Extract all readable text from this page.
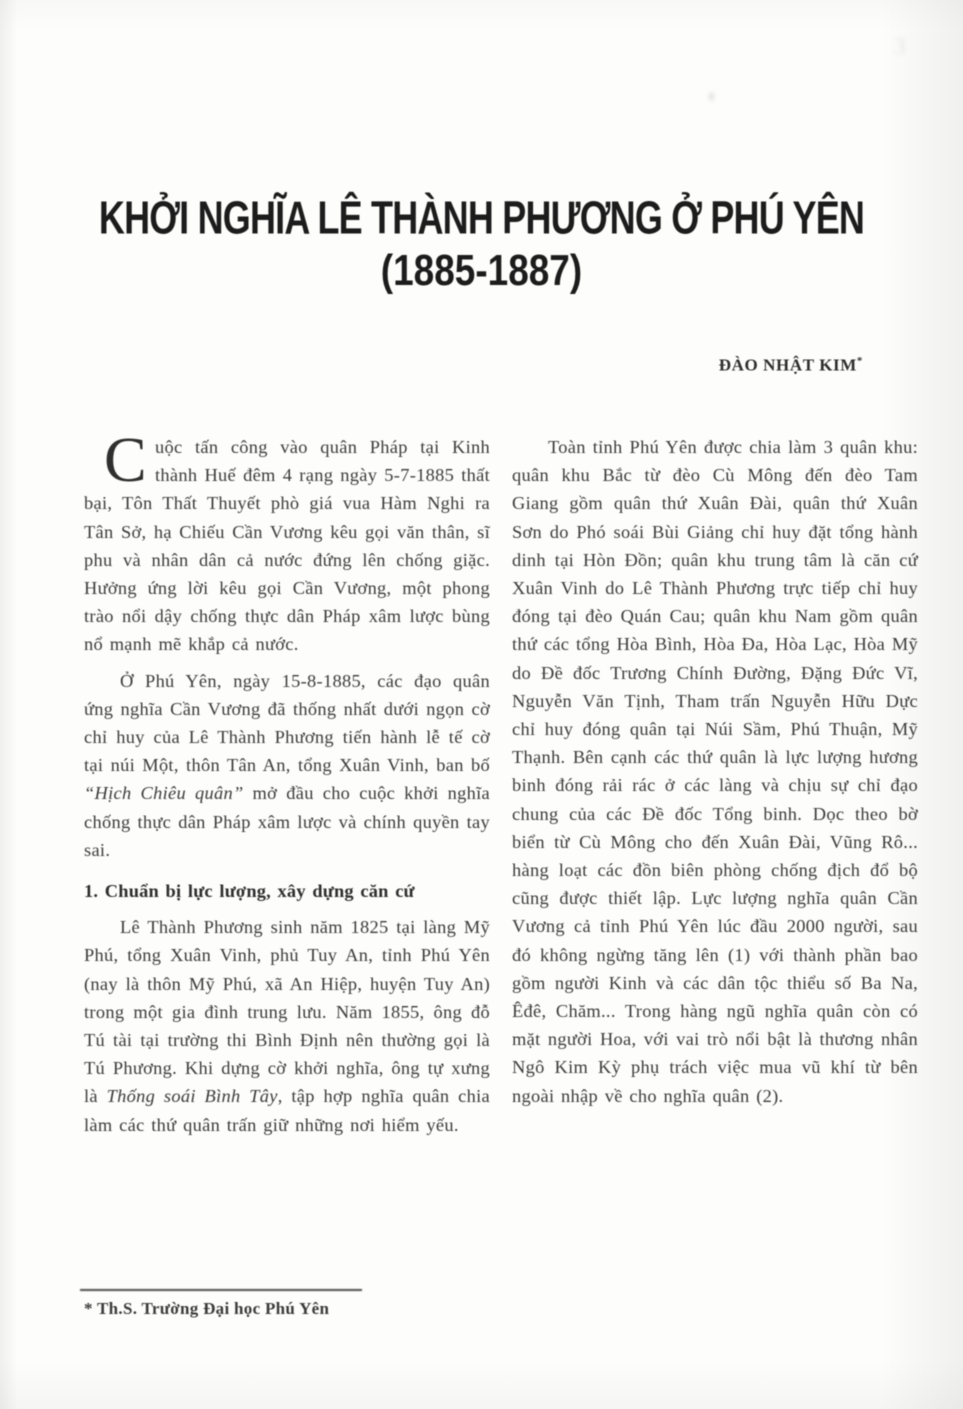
3
KHỞI NGHĨA LÊ THÀNH PHƯƠNG Ở PHÚ YÊN
(1885-1887)
ĐÀO NHẬT KIM*

Cuộc tấn công vào quân Pháp tại Kinh thành Huế đêm 4 rạng ngày 5-7-1885 thất bại, Tôn Thất Thuyết phò giá vua Hàm Nghi ra Tân Sở, hạ Chiếu Cần Vương kêu gọi văn thân, sĩ phu và nhân dân cả nước đứng lên chống giặc. Hưởng ứng lời kêu gọi Cần Vương, một phong trào nổi dậy chống thực dân Pháp xâm lược bùng nổ mạnh mẽ khắp cả nước.

Ở Phú Yên, ngày 15-8-1885, các đạo quân ứng nghĩa Cần Vương đã thống nhất dưới ngọn cờ chỉ huy của Lê Thành Phương tiến hành lễ tế cờ tại núi Một, thôn Tân An, tổng Xuân Vinh, ban bố “Hịch Chiêu quân” mở đầu cho cuộc khởi nghĩa chống thực dân Pháp xâm lược và chính quyền tay sai.

1. Chuẩn bị lực lượng, xây dựng căn cứ

Lê Thành Phương sinh năm 1825 tại làng Mỹ Phú, tổng Xuân Vinh, phủ Tuy An, tỉnh Phú Yên (nay là thôn Mỹ Phú, xã An Hiệp, huyện Tuy An) trong một gia đình trung lưu. Năm 1855, ông đỗ Tú tài tại trường thi Bình Định nên thường gọi là Tú Phương. Khi dựng cờ khởi nghĩa, ông tự xưng là Thống soái Bình Tây, tập hợp nghĩa quân chia làm các thứ quân trấn giữ những nơi hiểm yếu.

Toàn tỉnh Phú Yên được chia làm 3 quân khu: quân khu Bắc từ đèo Cù Mông đến đèo Tam Giang gồm quân thứ Xuân Đài, quân thứ Xuân Sơn do Phó soái Bùi Giảng chỉ huy đặt tổng hành dinh tại Hòn Đồn; quân khu trung tâm là căn cứ Xuân Vinh do Lê Thành Phương trực tiếp chỉ huy đóng tại đèo Quán Cau; quân khu Nam gồm quân thứ các tổng Hòa Bình, Hòa Đa, Hòa Lạc, Hòa Mỹ do Đề đốc Trương Chính Đường, Đặng Đức Vĩ, Nguyễn Văn Tịnh, Tham trấn Nguyễn Hữu Dực chỉ huy đóng quân tại Núi Sầm, Phú Thuận, Mỹ Thạnh. Bên cạnh các thứ quân là lực lượng hương binh đóng rải rác ở các làng và chịu sự chỉ đạo chung của các Đề đốc Tổng binh. Dọc theo bờ biển từ Cù Mông cho đến Xuân Đài, Vũng Rô... hàng loạt các đồn biên phòng chống địch đổ bộ cũng được thiết lập. Lực lượng nghĩa quân Cần Vương cả tỉnh Phú Yên lúc đầu 2000 người, sau đó không ngừng tăng lên (1) với thành phần bao gồm người Kinh và các dân tộc thiểu số Ba Na, Êđê, Chăm... Trong hàng ngũ nghĩa quân còn có mặt người Hoa, với vai trò nổi bật là thương nhân Ngô Kim Kỳ phụ trách việc mua vũ khí từ bên ngoài nhập về cho nghĩa quân (2).

* Th.S. Trường Đại học Phú Yên
